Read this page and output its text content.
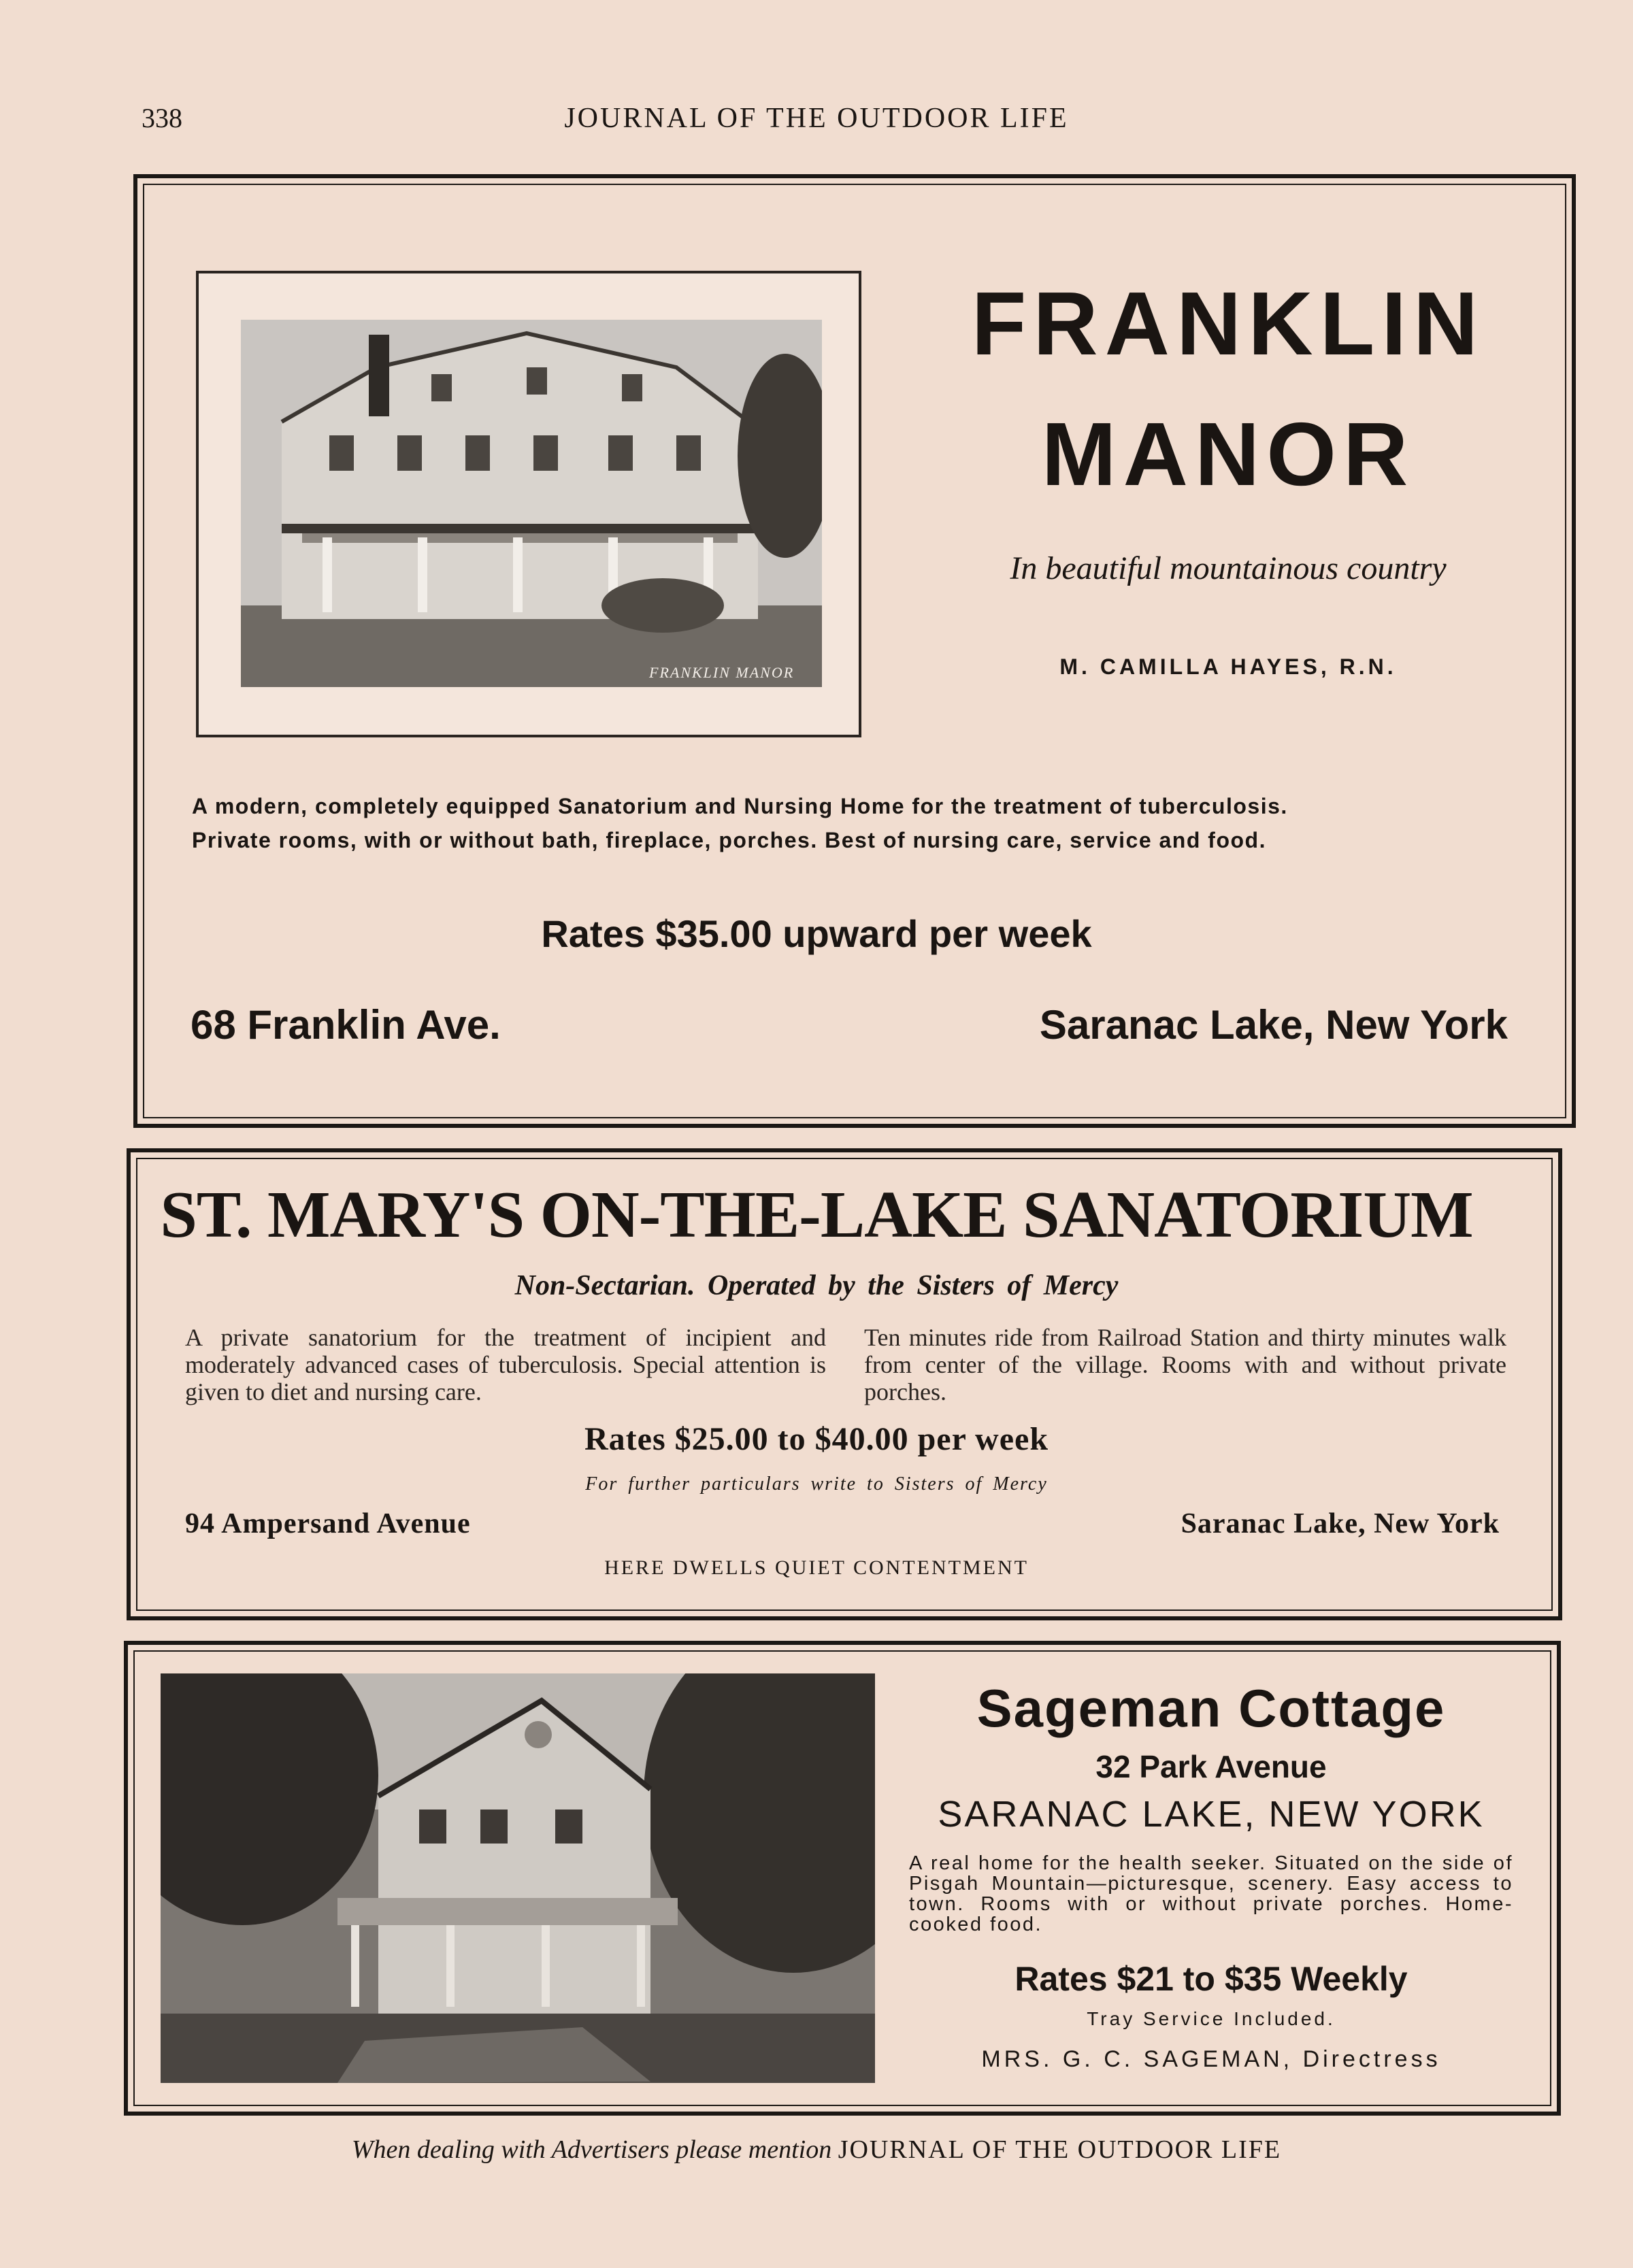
338	JOURNAL OF THE OUTDOOR LIFE
FRANKLIN MANOR
FRANKLIN
MANOR
In beautiful mountainous country
M. CAMILLA HAYES, R.N.
A modern, completely equipped Sanatorium and Nursing Home for the treatment of tuberculosis.
Private rooms, with or without bath, fireplace, porches. Best of nursing care, service and food.
Rates $35.00 upward per week
68 Franklin Ave.	Saranac Lake, New York
ST. MARY'S ON-THE-LAKE SANATORIUM
Non-Sectarian. Operated by the Sisters of Mercy
A private sanatorium for the treatment of incipient and moderately advanced cases of tuberculosis. Special attention is given to diet and nursing care.
Ten minutes ride from Railroad Station and thirty minutes walk from center of the village. Rooms with and without private porches.
Rates $25.00 to $40.00 per week
For further particulars write to Sisters of Mercy
94 Ampersand Avenue	Saranac Lake, New York
HERE DWELLS QUIET CONTENTMENT
Sageman Cottage
32 Park Avenue
SARANAC LAKE, NEW YORK
A real home for the health seeker. Situated on the side of Pisgah Mountain—picturesque, scenery. Easy access to town. Rooms with or without private porches. Home-cooked food.
Rates $21 to $35 Weekly
Tray Service Included.
MRS. G. C. SAGEMAN, Directress
When dealing with Advertisers please mention JOURNAL OF THE OUTDOOR LIFE
